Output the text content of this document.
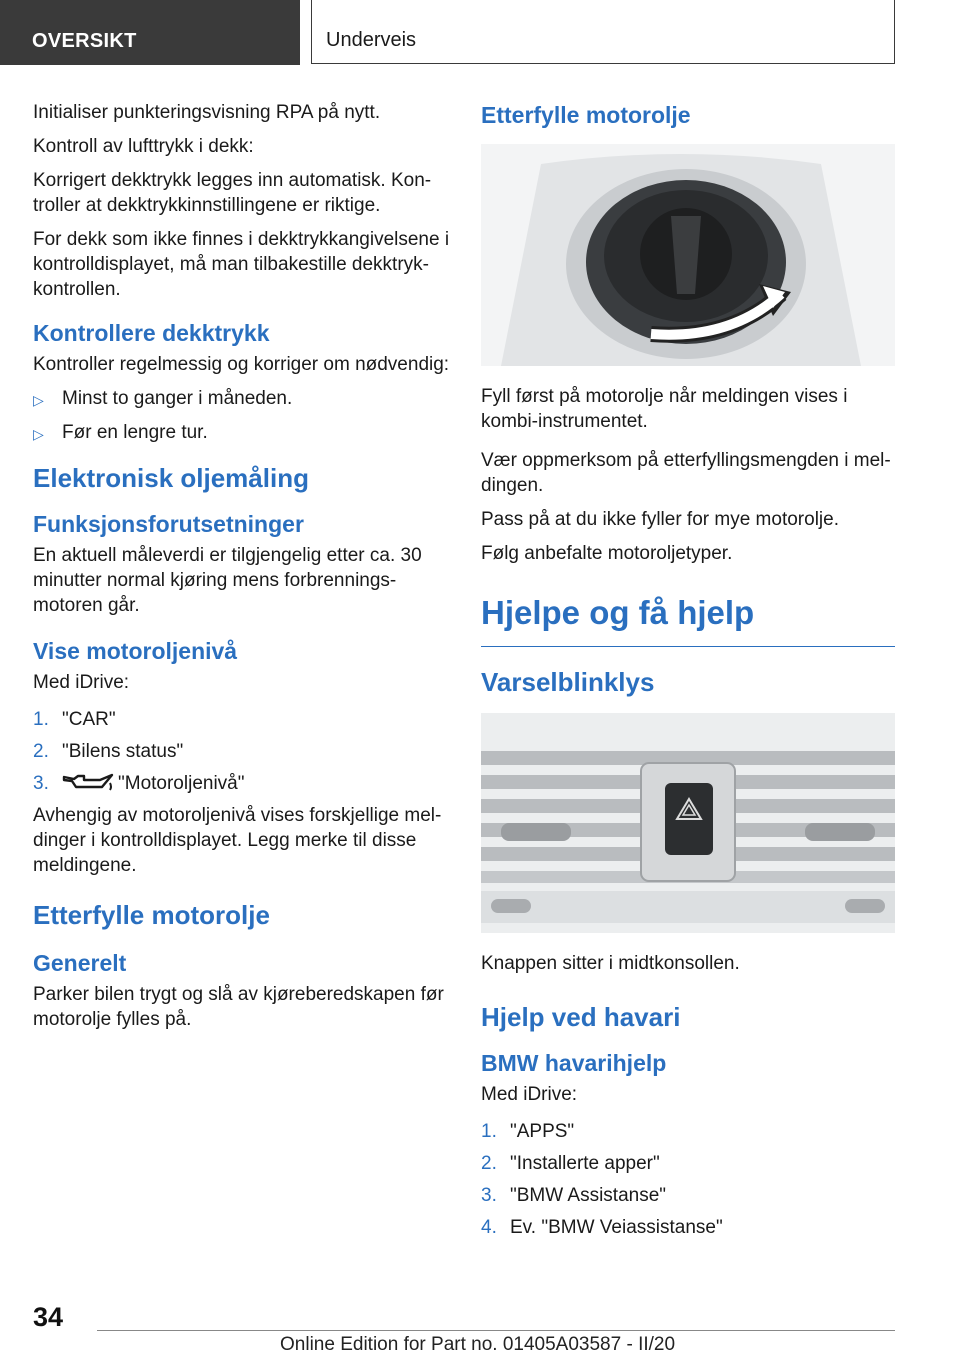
OVERSIKT	Underveis

Initialiser punkteringsvisning RPA på nytt.

Kontroll av lufttrykk i dekk:

Korrigert dekktrykk legges inn automatisk. Kontroller at dekktrykkinnstillingene er riktige.

For dekk som ikke finnes i dekktrykkangivelsene i kontrolldisplayet, må man tilbakestille dekktrykkontrollen.

Kontrollere dekktrykk

Kontroller regelmessig og korriger om nødvendig:

▷ Minst to ganger i måneden.
▷ Før en lengre tur.
Elektronisk oljemåling
Funksjonsforutsetninger

En aktuell måleverdi er tilgjengelig etter ca. 30 minutter normal kjøring mens forbrenningsmotoren går.

Vise motoroljenivå

Med iDrive:

1. "CAR"
2. "Bilens status"
3.	"Motoroljenivå"

Avhengig av motoroljenivå vises forskjellige meldinger i kontrolldisplayet. Legg merke til disse meldingene.

Etterfylle motorolje
Generelt

Parker bilen trygt og slå av kjøreberedskapen før motorolje fylles på.

Etterfylle motorolje

Fyll først på motorolje når meldingen vises i kombi-instrumentet.

Vær oppmerksom på etterfyllingsmengden i meldingen.

Pass på at du ikke fyller for mye motorolje.

Følg anbefalte motoroljetyper.

Hjelpe og få hjelp
Varselblinklys

Knappen sitter i midtkonsollen.

Hjelp ved havari
BMW havarihjelp

Med iDrive:

1. "APPS"
2. "Installerte apper"
3. "BMW Assistanse"
4. Ev. "BMW Veiassistanse"
34
Online Edition for Part no. 01405A03587 - II/20
